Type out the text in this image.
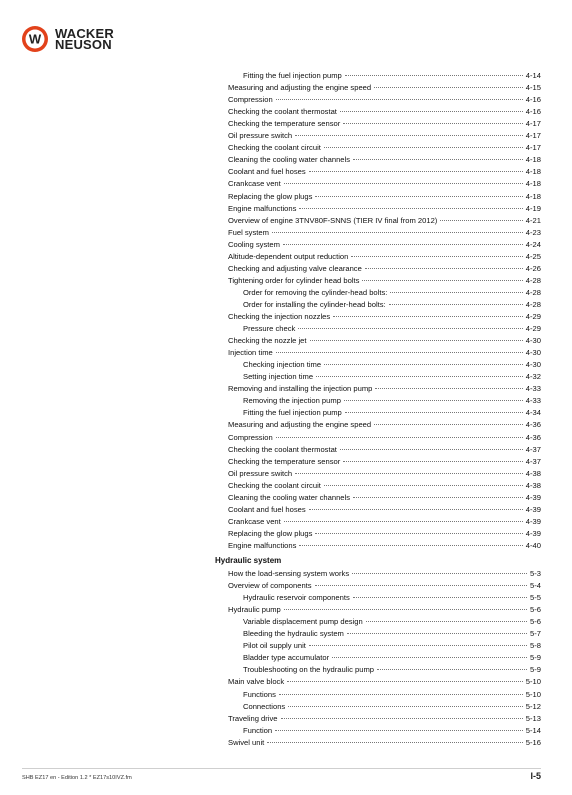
W WACKER
NEUSON
Fitting the fuel injection pump	4-14
Measuring and adjusting the engine speed	4-15
Compression	4-16
Checking the coolant thermostat	4-16
Checking the temperature sensor	4-17
Oil pressure switch	4-17
Checking the coolant circuit	4-17
Cleaning the cooling water channels	4-18
Coolant and fuel hoses	4-18
Crankcase vent	4-18
Replacing the glow plugs	4-18
Engine malfunctions	4-19
Overview of engine 3TNV80F-SNNS (TIER IV final from 2012)	4-21
Fuel system	4-23
Cooling system	4-24
Altitude-dependent output reduction	4-25
Checking and adjusting valve clearance	4-26
Tightening order for cylinder head bolts	4-28
Order for removing the cylinder-head bolts:	4-28
Order for installing the cylinder-head bolts:	4-28
Checking the injection nozzles	4-29
Pressure check	4-29
Checking the nozzle jet	4-30
Injection time	4-30
Checking injection time	4-30
Setting injection time	4-32
Removing and installing the injection pump	4-33
Removing the injection pump	4-33
Fitting the fuel injection pump	4-34
Measuring and adjusting the engine speed	4-36
Compression	4-36
Checking the coolant thermostat	4-37
Checking the temperature sensor	4-37
Oil pressure switch	4-38
Checking the coolant circuit	4-38
Cleaning the cooling water channels	4-39
Coolant and fuel hoses	4-39
Crankcase vent	4-39
Replacing the glow plugs	4-39
Engine malfunctions	4-40
Hydraulic system
How the load-sensing system works	5-3
Overview of components	5-4
Hydraulic reservoir components	5-5
Hydraulic pump	5-6
Variable displacement pump design	5-6
Bleeding the hydraulic system	5-7
Pilot oil supply unit	5-8
Bladder type accumulator	5-9
Troubleshooting on the hydraulic pump	5-9
Main valve block	5-10
Functions	5-10
Connections	5-12
Traveling drive	5-13
Function	5-14
Swivel unit	5-16
SHB EZ17 en - Edition 1.2 * EZ17s10IVZ.fm	I-5
